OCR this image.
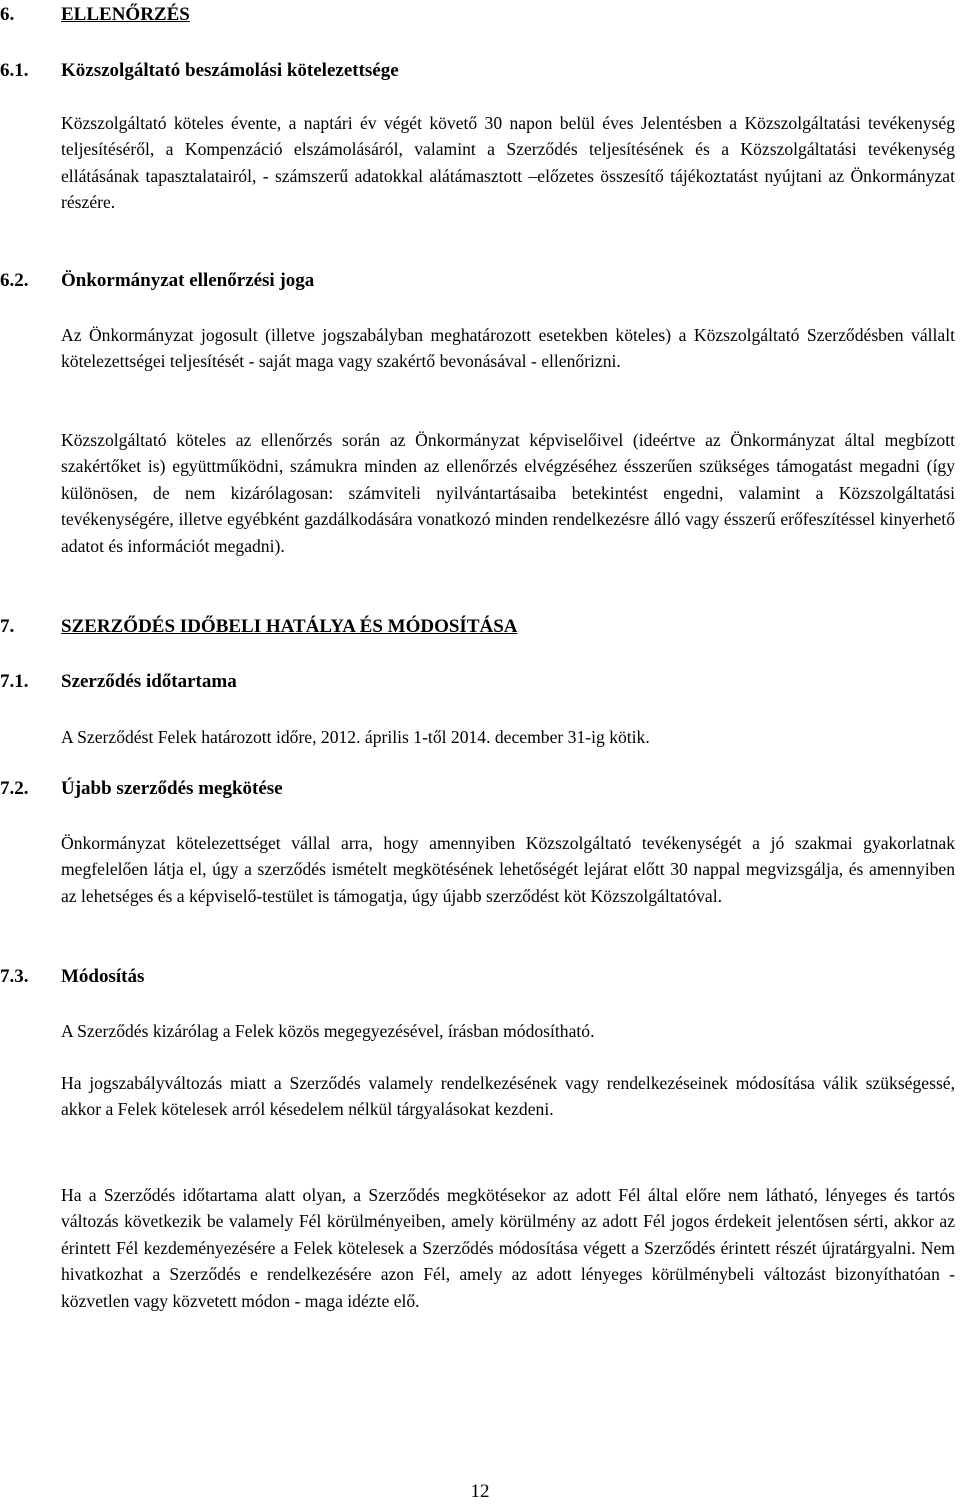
6. ELLENŐRZÉS
6.1. Közszolgáltató beszámolási kötelezettsége

Közszolgáltató köteles évente, a naptári év végét követő 30 napon belül éves Jelentésben a Közszolgáltatási tevékenység teljesítéséről, a Kompenzáció elszámolásáról, valamint a Szerződés teljesítésének és a Közszolgáltatási tevékenység ellátásának tapasztalatairól, - számszerű adatokkal alátámasztott –előzetes összesítő tájékoztatást nyújtani az Önkormányzat részére.

6.2. Önkormányzat ellenőrzési joga

Az Önkormányzat jogosult (illetve jogszabályban meghatározott esetekben köteles) a Közszolgáltató Szerződésben vállalt kötelezettségei teljesítését - saját maga vagy szakértő bevonásával - ellenőrizni.

Közszolgáltató köteles az ellenőrzés során az Önkormányzat képviselőivel (ideértve az Önkormányzat által megbízott szakértőket is) együttműködni, számukra minden az ellenőrzés elvégzéséhez ésszerűen szükséges támogatást megadni (így különösen, de nem kizárólagosan: számviteli nyilvántartásaiba betekintést engedni, valamint a Közszolgáltatási tevékenységére, illetve egyébként gazdálkodására vonatkozó minden rendelkezésre álló vagy ésszerű erőfeszítéssel kinyerhető adatot és információt megadni).

7. SZERZŐDÉS IDŐBELI HATÁLYA ÉS MÓDOSÍTÁSA
7.1. Szerződés időtartama

A Szerződést Felek határozott időre, 2012. április 1-től 2014. december 31-ig kötik.

7.2. Újabb szerződés megkötése

Önkormányzat kötelezettséget vállal arra, hogy amennyiben Közszolgáltató tevékenységét a jó szakmai gyakorlatnak megfelelően látja el, úgy a szerződés ismételt megkötésének lehetőségét lejárat előtt 30 nappal megvizsgálja, és amennyiben az lehetséges és a képviselő-testület is támogatja, úgy újabb szerződést köt Közszolgáltatóval.

7.3. Módosítás

A Szerződés kizárólag a Felek közös megegyezésével, írásban módosítható.

Ha jogszabályváltozás miatt a Szerződés valamely rendelkezésének vagy rendelkezéseinek módosítása válik szükségessé, akkor a Felek kötelesek arról késedelem nélkül tárgyalásokat kezdeni.

Ha a Szerződés időtartama alatt olyan, a Szerződés megkötésekor az adott Fél által előre nem látható, lényeges és tartós változás következik be valamely Fél körülményeiben, amely körülmény az adott Fél jogos érdekeit jelentősen sérti, akkor az érintett Fél kezdeményezésére a Felek kötelesek a Szerződés módosítása végett a Szerződés érintett részét újratárgyalni. Nem hivatkozhat a Szerződés e rendelkezésére azon Fél, amely az adott lényeges körülménybeli változást bizonyíthatóan - közvetlen vagy közvetett módon - maga idézte elő.

12
